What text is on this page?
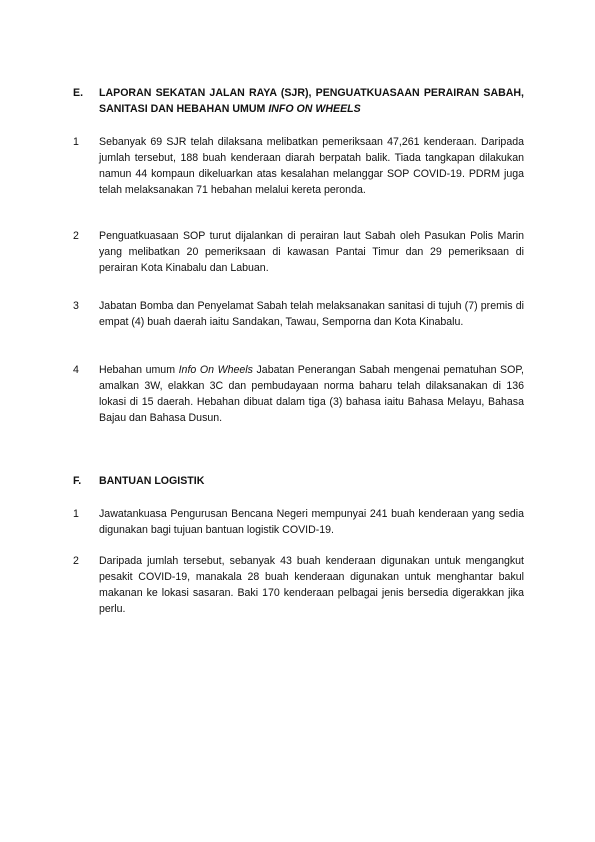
E. LAPORAN SEKATAN JALAN RAYA (SJR), PENGUATKUASAAN PERAIRAN SABAH, SANITASI DAN HEBAHAN UMUM INFO ON WHEELS
1 Sebanyak 69 SJR telah dilaksana melibatkan pemeriksaan 47,261 kenderaan. Daripada jumlah tersebut, 188 buah kenderaan diarah berpatah balik. Tiada tangkapan dilakukan namun 44 kompaun dikeluarkan atas kesalahan melanggar SOP COVID-19. PDRM juga telah melaksanakan 71 hebahan melalui kereta peronda.
2 Penguatkuasaan SOP turut dijalankan di perairan laut Sabah oleh Pasukan Polis Marin yang melibatkan 20 pemeriksaan di kawasan Pantai Timur dan 29 pemeriksaan di perairan Kota Kinabalu dan Labuan.
3 Jabatan Bomba dan Penyelamat Sabah telah melaksanakan sanitasi di tujuh (7) premis di empat (4) buah daerah iaitu Sandakan, Tawau, Semporna dan Kota Kinabalu.
4 Hebahan umum Info On Wheels Jabatan Penerangan Sabah mengenai pematuhan SOP, amalkan 3W, elakkan 3C dan pembudayaan norma baharu telah dilaksanakan di 136 lokasi di 15 daerah. Hebahan dibuat dalam tiga (3) bahasa iaitu Bahasa Melayu, Bahasa Bajau dan Bahasa Dusun.
F. BANTUAN LOGISTIK
1 Jawatankuasa Pengurusan Bencana Negeri mempunyai 241 buah kenderaan yang sedia digunakan bagi tujuan bantuan logistik COVID-19.
2 Daripada jumlah tersebut, sebanyak 43 buah kenderaan digunakan untuk mengangkut pesakit COVID-19, manakala 28 buah kenderaan digunakan untuk menghantar bakul makanan ke lokasi sasaran. Baki 170 kenderaan pelbagai jenis bersedia digerakkan jika perlu.
